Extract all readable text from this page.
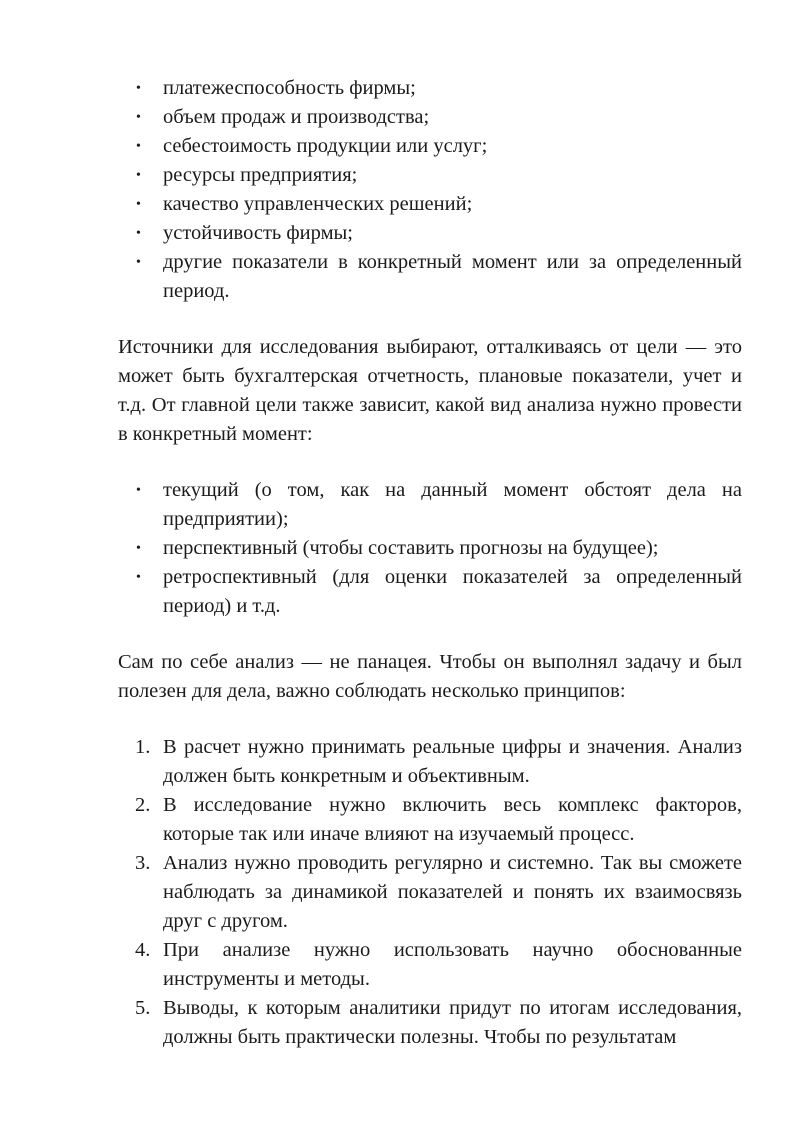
• платежеспособность фирмы;
• объем продаж и производства;
• себестоимость продукции или услуг;
• ресурсы предприятия;
• качество управленческих решений;
• устойчивость фирмы;
• другие показатели в конкретный момент или за определенный период.

Источники для исследования выбирают, отталкиваясь от цели — это может быть бухгалтерская отчетность, плановые показатели, учет и т.д. От главной цели также зависит, какой вид анализа нужно провести в конкретный момент:

• текущий (о том, как на данный момент обстоят дела на предприятии);
• перспективный (чтобы составить прогнозы на будущее);
• ретроспективный (для оценки показателей за определенный период) и т.д.

Сам по себе анализ — не панацея. Чтобы он выполнял задачу и был полезен для дела, важно соблюдать несколько принципов:

1. В расчет нужно принимать реальные цифры и значения. Анализ должен быть конкретным и объективным.
2. В исследование нужно включить весь комплекс факторов, которые так или иначе влияют на изучаемый процесс.
3. Анализ нужно проводить регулярно и системно. Так вы сможете наблюдать за динамикой показателей и понять их взаимосвязь друг с другом.
4. При анализе нужно использовать научно обоснованные инструменты и методы.
5. Выводы, к которым аналитики придут по итогам исследования, должны быть практически полезны. Чтобы по результатам
